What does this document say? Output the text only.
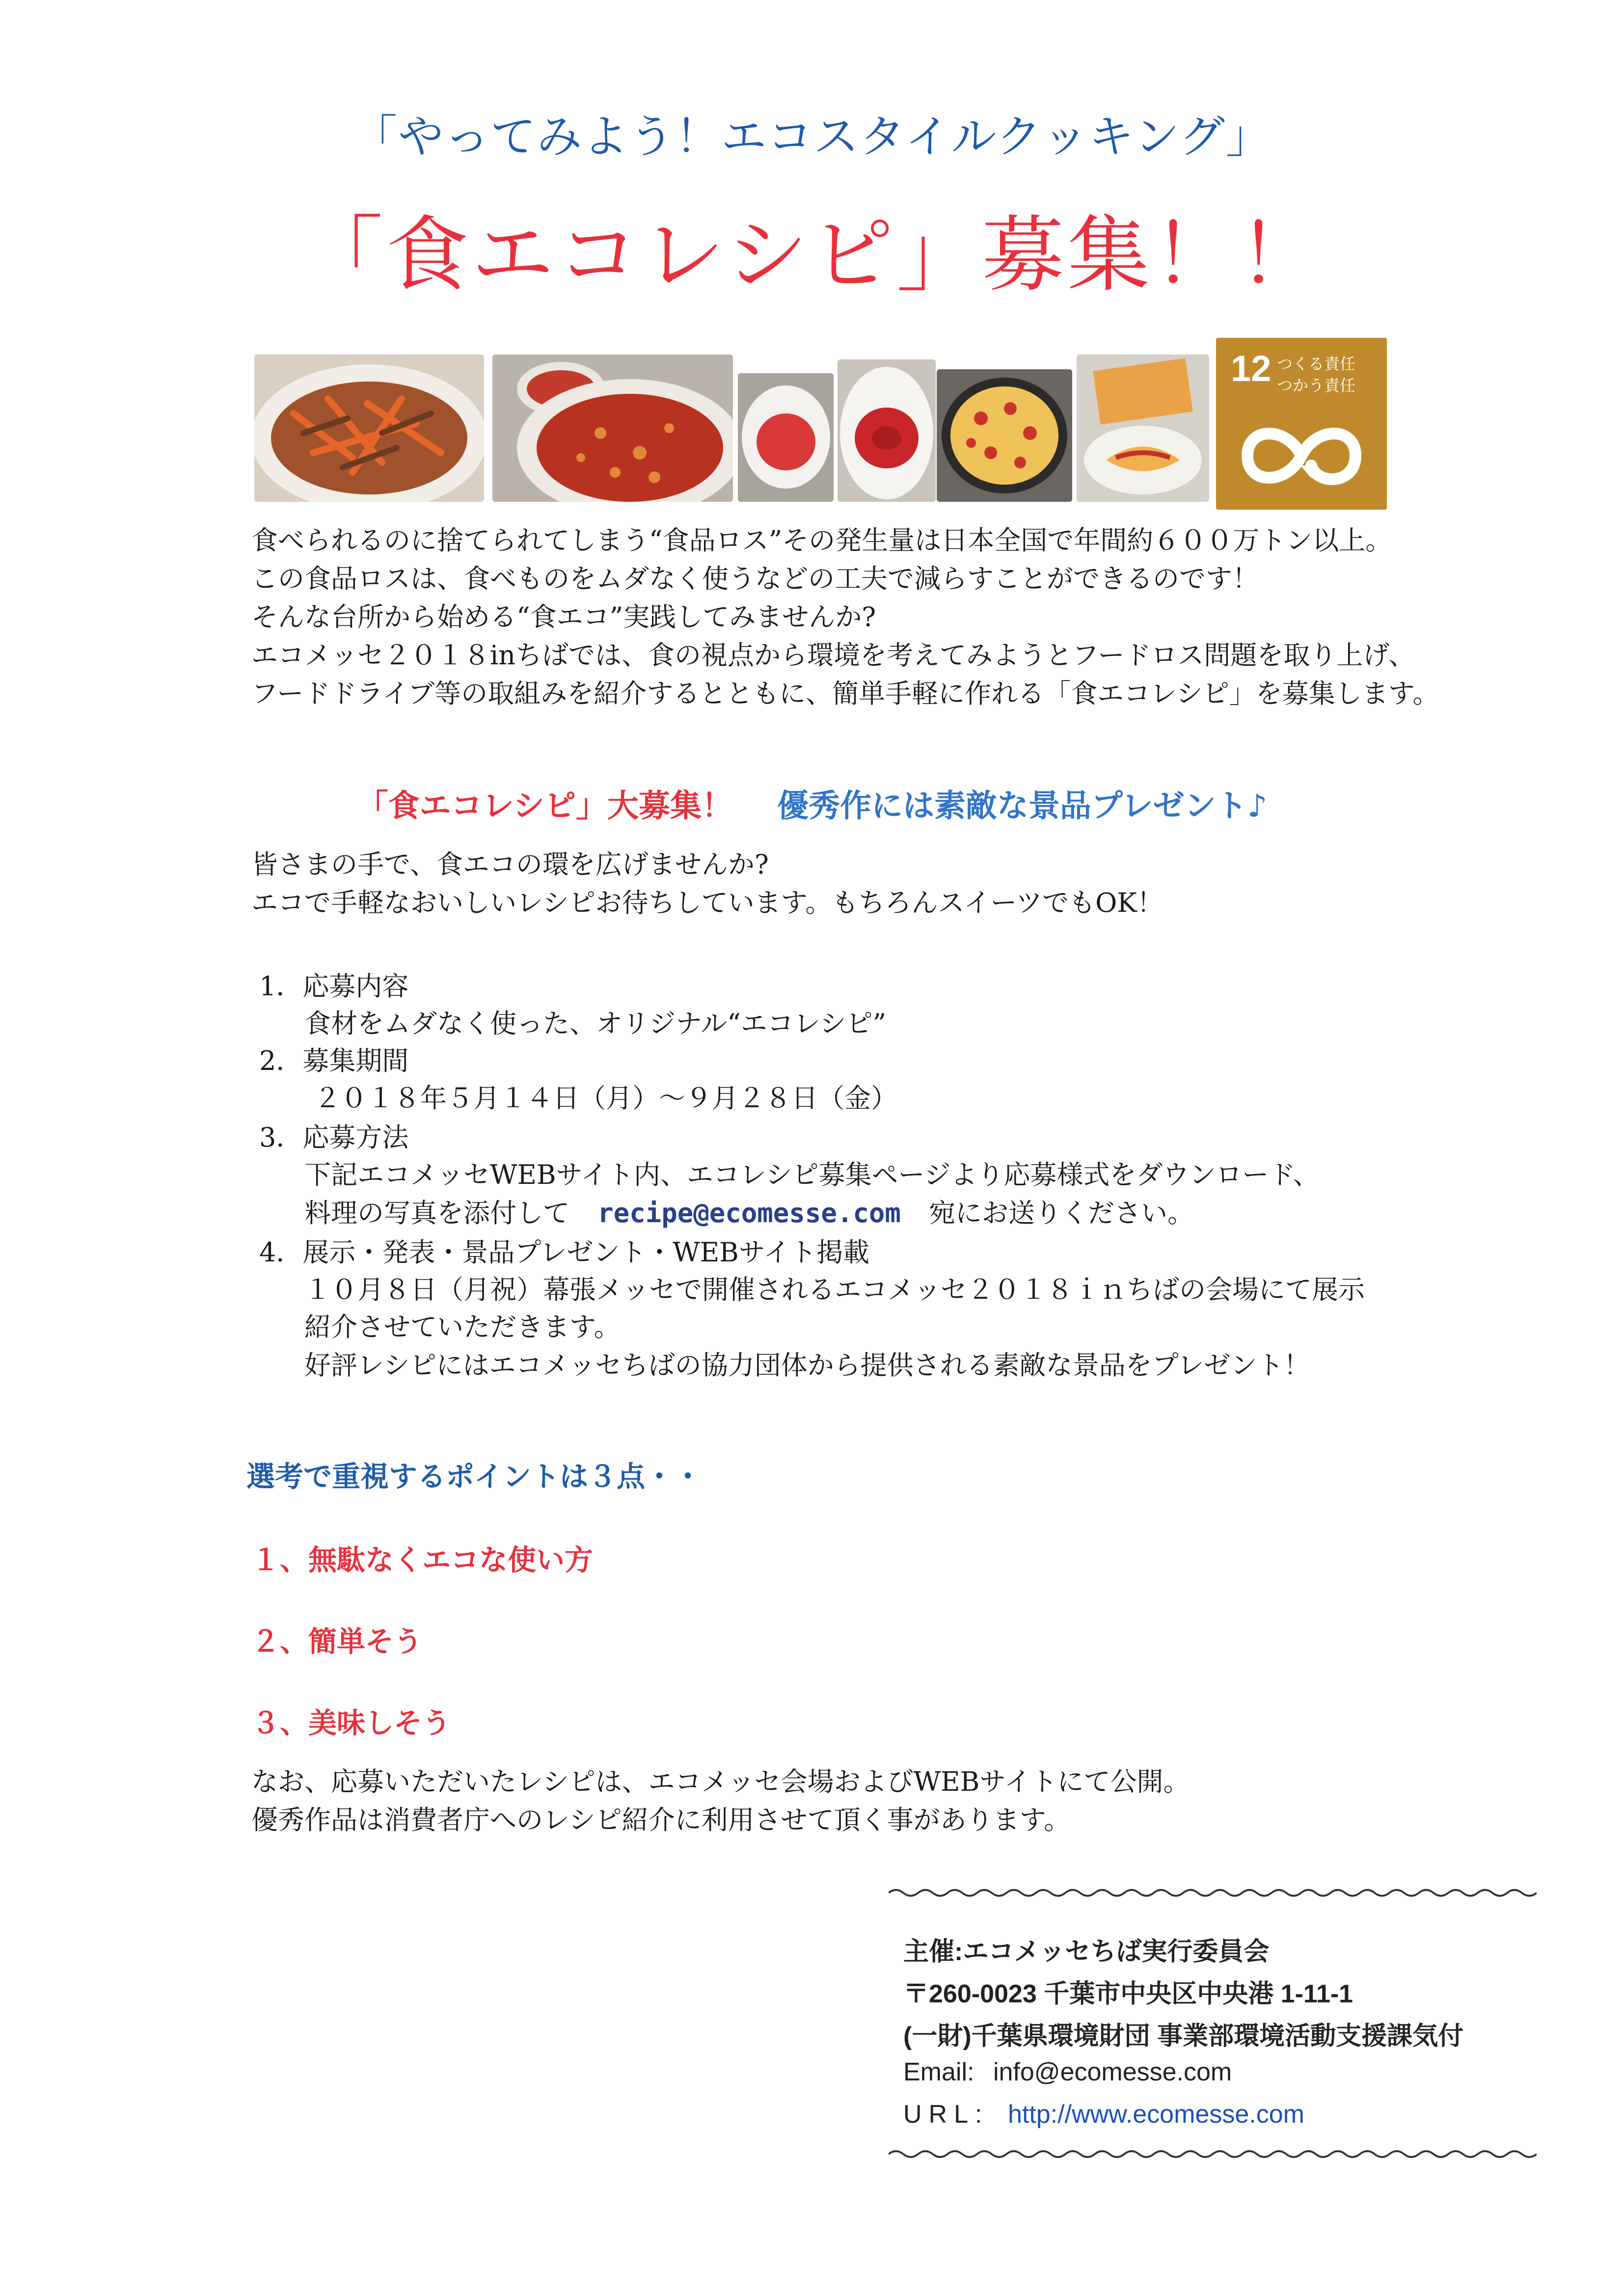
「やってみよう！エコスタイルクッキング」
「食エコレシピ」募集！！
12 つくる責任
つかう責任
食べられるのに捨てられてしまう“食品ロス”その発生量は日本全国で年間約６００万トン以上。
この食品ロスは、食べものをムダなく使うなどの工夫で減らすことができるのです！
そんな台所から始める“食エコ”実践してみませんか?
エコメッセ２０１８inちばでは、食の視点から環境を考えてみようとフードロス問題を取り上げ、
フードドライブ等の取組みを紹介するとともに、簡単手軽に作れる「食エコレシピ」を募集します。
「食エコレシピ」大募集！ 優秀作には素敵な景品プレゼント♪
皆さまの手で、食エコの環を広げませんか?
エコで手軽なおいしいレシピお待ちしています。もちろんスイーツでもOK！
1．応募内容
食材をムダなく使った、オリジナル“エコレシピ”
2．募集期間
２０１８年５月１４日（月）～９月２８日（金）
3．応募方法
下記エコメッセWEBサイト内、エコレシピ募集ページより応募様式をダウンロード、
料理の写真を添付して recipe@ecomesse.com 宛にお送りください。
4．展示・発表・景品プレゼント・WEBサイト掲載
１０月８日（月祝）幕張メッセで開催されるエコメッセ２０１８ｉｎちばの会場にて展示
紹介させていただきます。
好評レシピにはエコメッセちばの協力団体から提供される素敵な景品をプレゼント！
選考で重視するポイントは３点・・
１、無駄なくエコな使い方
２、簡単そう
３、美味しそう
なお、応募いただいたレシピは、エコメッセ会場およびWEBサイトにて公開。
優秀作品は消費者庁へのレシピ紹介に利用させて頂く事があります。
主催:エコメッセちば実行委員会
〒260-0023 千葉市中央区中央港 1-11-1
(一財)千葉県環境財団 事業部環境活動支援課気付
Email: info@ecomesse.com
URL: http://www.ecomesse.com
